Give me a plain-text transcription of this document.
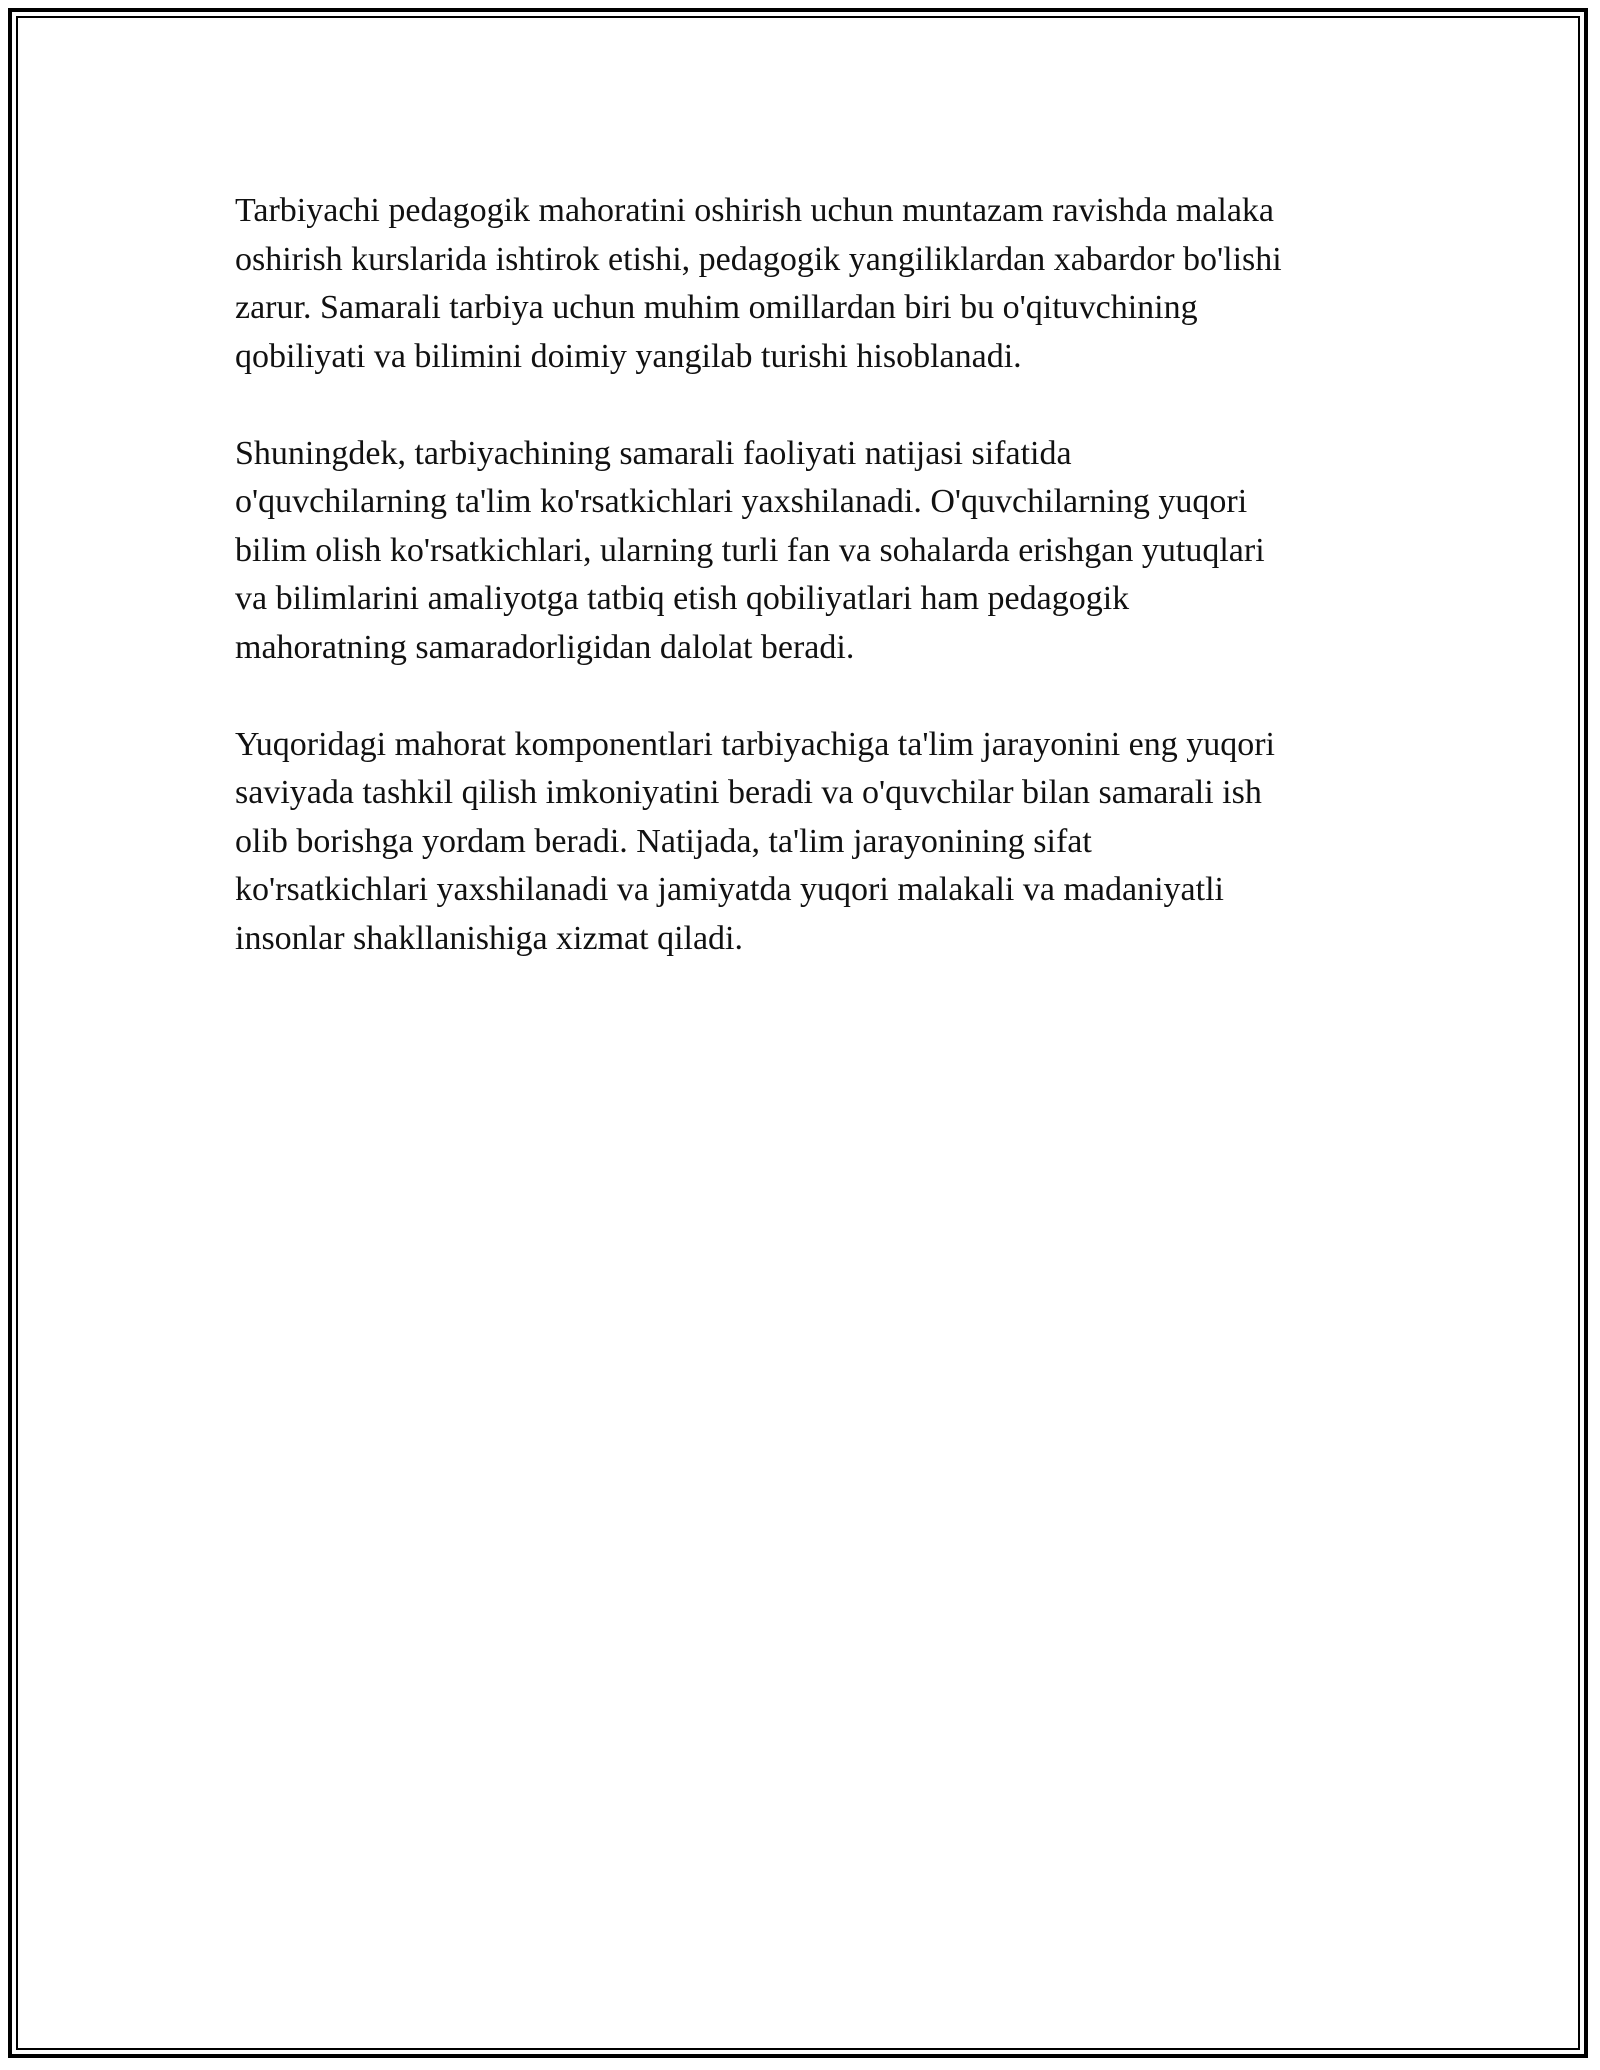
Tarbiyachi pedagogik mahoratini oshirish uchun muntazam ravishda malaka
oshirish kurslarida ishtirok etishi, pedagogik yangiliklardan xabardor bo'lishi
zarur. Samarali tarbiya uchun muhim omillardan biri bu o'qituvchining
qobiliyati va bilimini doimiy yangilab turishi hisoblanadi.

Shuningdek, tarbiyachining samarali faoliyati natijasi sifatida
o'quvchilarning ta'lim ko'rsatkichlari yaxshilanadi. O'quvchilarning yuqori
bilim olish ko'rsatkichlari, ularning turli fan va sohalarda erishgan yutuqlari
va bilimlarini amaliyotga tatbiq etish qobiliyatlari ham pedagogik
mahoratning samaradorligidan dalolat beradi.

Yuqoridagi mahorat komponentlari tarbiyachiga ta'lim jarayonini eng yuqori
saviyada tashkil qilish imkoniyatini beradi va o'quvchilar bilan samarali ish
olib borishga yordam beradi. Natijada, ta'lim jarayonining sifat
ko'rsatkichlari yaxshilanadi va jamiyatda yuqori malakali va madaniyatli
insonlar shakllanishiga xizmat qiladi.
